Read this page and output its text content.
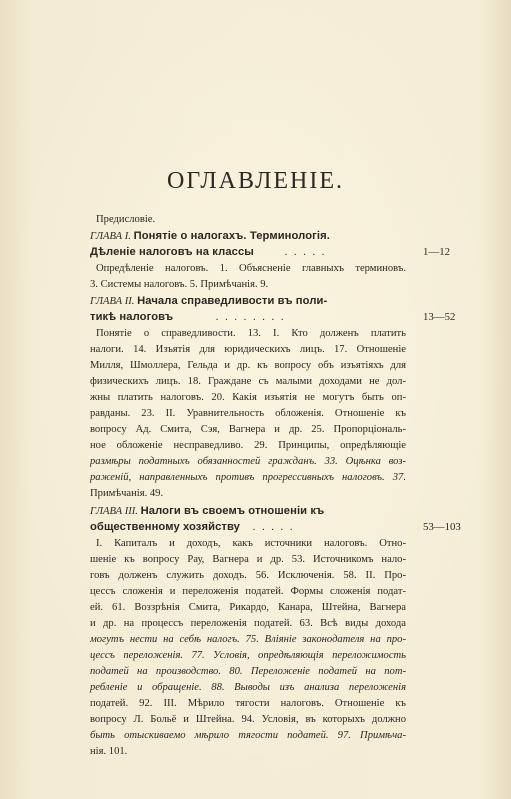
ОГЛАВЛЕНІЕ.
Предисловіе.
ГЛАВА I. Понятіе о налогахъ. Терминологія.
Дѣленіе налоговъ на классы	. . . . .	1—12
Опредѣленіе налоговъ. 1. Объясненіе главныхъ терминовъ.
3. Системы налоговъ. 5. Примѣчанія. 9.
ГЛАВА II. Начала справедливости въ поли-
тикѣ налоговъ	. . . . . . . .	13—52
Понятіе о справедливости. 13. I. Кто долженъ платить
налоги. 14. Изъятія для юридическихъ лицъ. 17. Отношеніе
Милля, Шмоллера, Гельда и др. къ вопросу объ изъятіяхъ для
физическихъ лицъ. 18. Граждане съ малыми доходами не дол-
жны платить налоговъ. 20. Какія изъятія не могутъ быть оп-
равданы. 23. II. Уравнительность обложенія. Отношеніе къ
вопросу Ад. Смита, Сэя, Вагнера и др. 25. Пропорціональ-
ное обложеніе несправедливо. 29. Принципы, опредѣляющіе
размѣры податныхъ обязанностей гражданъ. 33. Оцѣнка воз-
раженій, направленныхъ противъ прогрессивныхъ налоговъ. 37.
Примѣчанія. 49.
ГЛАВА III. Налоги въ своемъ отношеніи къ
общественному хозяйству . . . . .	53—103
I. Капиталъ и доходъ, какъ источники налоговъ. Отно-
шеніе къ вопросу Рау, Вагнера и др. 53. Источникомъ нало-
говъ долженъ служить доходъ. 56. Исключенія. 58. II. Про-
цессъ сложенія и переложенія податей. Формы сложенія подат-
ей. 61. Воззрѣнія Смита, Рикардо, Канара, Штейна, Вагнера
и др. на процессъ переложенія податей. 63. Всѣ виды дохода
могутъ нести на себѣ налогъ. 75. Вліяніе законодателя на про-
цессъ переложенія. 77. Условія, опредѣляющія переложимость
податей на производство. 80. Переложеніе податей на пот-
ребленіе и обращеніе. 88. Выводы изъ анализа переложенія
податей. 92. III. Мѣрило тягости налоговъ. Отношеніе къ
вопросу Л. Больё и Штейна. 94. Условія, въ которыхъ должно
быть отыскиваемо мѣрило тягости податей. 97. Примѣча-
нія. 101.
